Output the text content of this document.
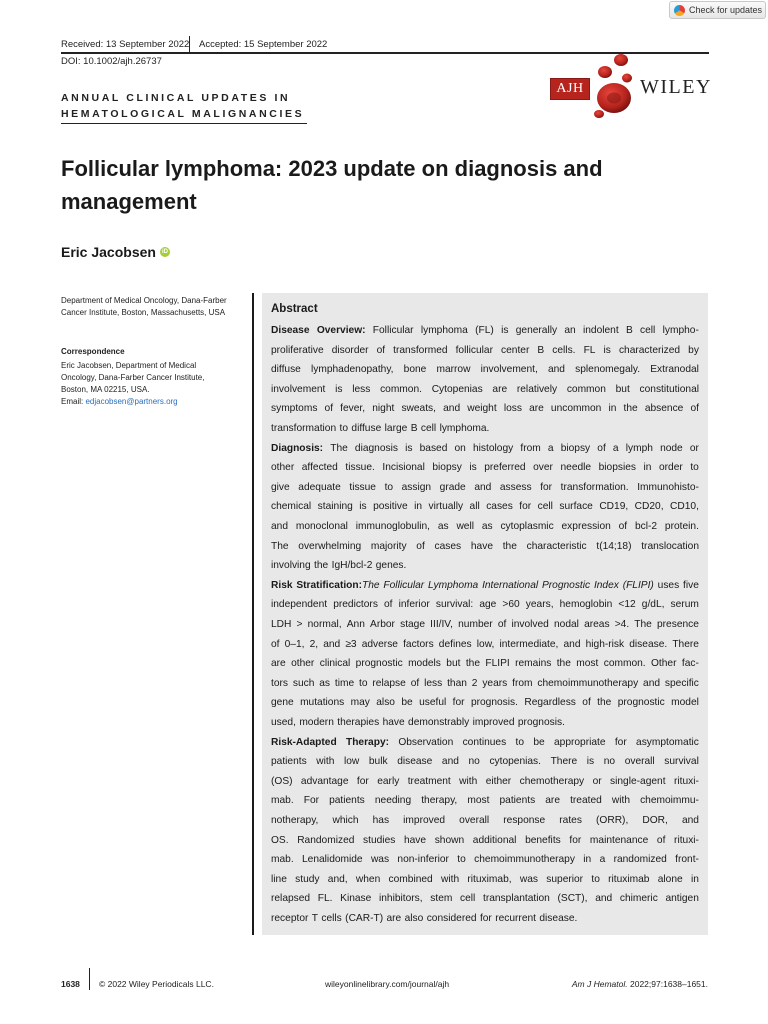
Check for updates
Received: 13 September 2022 Accepted: 15 September 2022
DOI: 10.1002/ajh.26737
ANNUAL CLINICAL UPDATES IN
HEMATOLOGICAL MALIGNANCIES
AJH	WILEY
Follicular lymphoma: 2023 update on diagnosis and management
Eric Jacobsen	iD
Department of Medical Oncology, Dana-Farber Cancer Institute, Boston, Massachusetts, USA
Correspondence
Eric Jacobsen, Department of Medical Oncology, Dana-Farber Cancer Institute, Boston, MA 02215, USA.
Email: edjacobsen@partners.org
Abstract
Disease Overview: Follicular lymphoma (FL) is generally an indolent B cell lympho-
proliferative disorder of transformed follicular center B cells. FL is characterized by
diffuse lymphadenopathy, bone marrow involvement, and splenomegaly. Extranodal
involvement is less common. Cytopenias are relatively common but constitutional
symptoms of fever, night sweats, and weight loss are uncommon in the absence of
transformation to diffuse large B cell lymphoma.
Diagnosis: The diagnosis is based on histology from a biopsy of a lymph node or
other affected tissue. Incisional biopsy is preferred over needle biopsies in order to
give adequate tissue to assign grade and assess for transformation. Immunohisto-
chemical staining is positive in virtually all cases for cell surface CD19, CD20, CD10,
and monoclonal immunoglobulin, as well as cytoplasmic expression of bcl-2 protein.
The overwhelming majority of cases have the characteristic t(14;18) translocation
involving the IgH/bcl-2 genes.
Risk Stratification:The Follicular Lymphoma International Prognostic Index (FLIPI) uses five
independent predictors of inferior survival: age >60 years, hemoglobin <12 g/dL, serum
LDH > normal, Ann Arbor stage III/IV, number of involved nodal areas >4. The presence
of 0–1, 2, and ≥3 adverse factors defines low, intermediate, and high-risk disease. There
are other clinical prognostic models but the FLIPI remains the most common. Other fac-
tors such as time to relapse of less than 2 years from chemoimmunotherapy and specific
gene mutations may also be useful for prognosis. Regardless of the prognostic model
used, modern therapies have demonstrably improved prognosis.
Risk-Adapted Therapy: Observation continues to be appropriate for asymptomatic
patients with low bulk disease and no cytopenias. There is no overall survival
(OS) advantage for early treatment with either chemotherapy or single-agent rituxi-
mab. For patients needing therapy, most patients are treated with chemoimmu-
notherapy, which has improved overall response rates (ORR), DOR, and
OS. Randomized studies have shown additional benefits for maintenance of rituxi-
mab. Lenalidomide was non-inferior to chemoimmunotherapy in a randomized front-
line study and, when combined with rituximab, was superior to rituximab alone in
relapsed FL. Kinase inhibitors, stem cell transplantation (SCT), and chimeric antigen
receptor T cells (CAR-T) are also considered for recurrent disease.
1638 © 2022 Wiley Periodicals LLC.	wileyonlinelibrary.com/journal/ajh	Am J Hematol. 2022;97:1638–1651.
